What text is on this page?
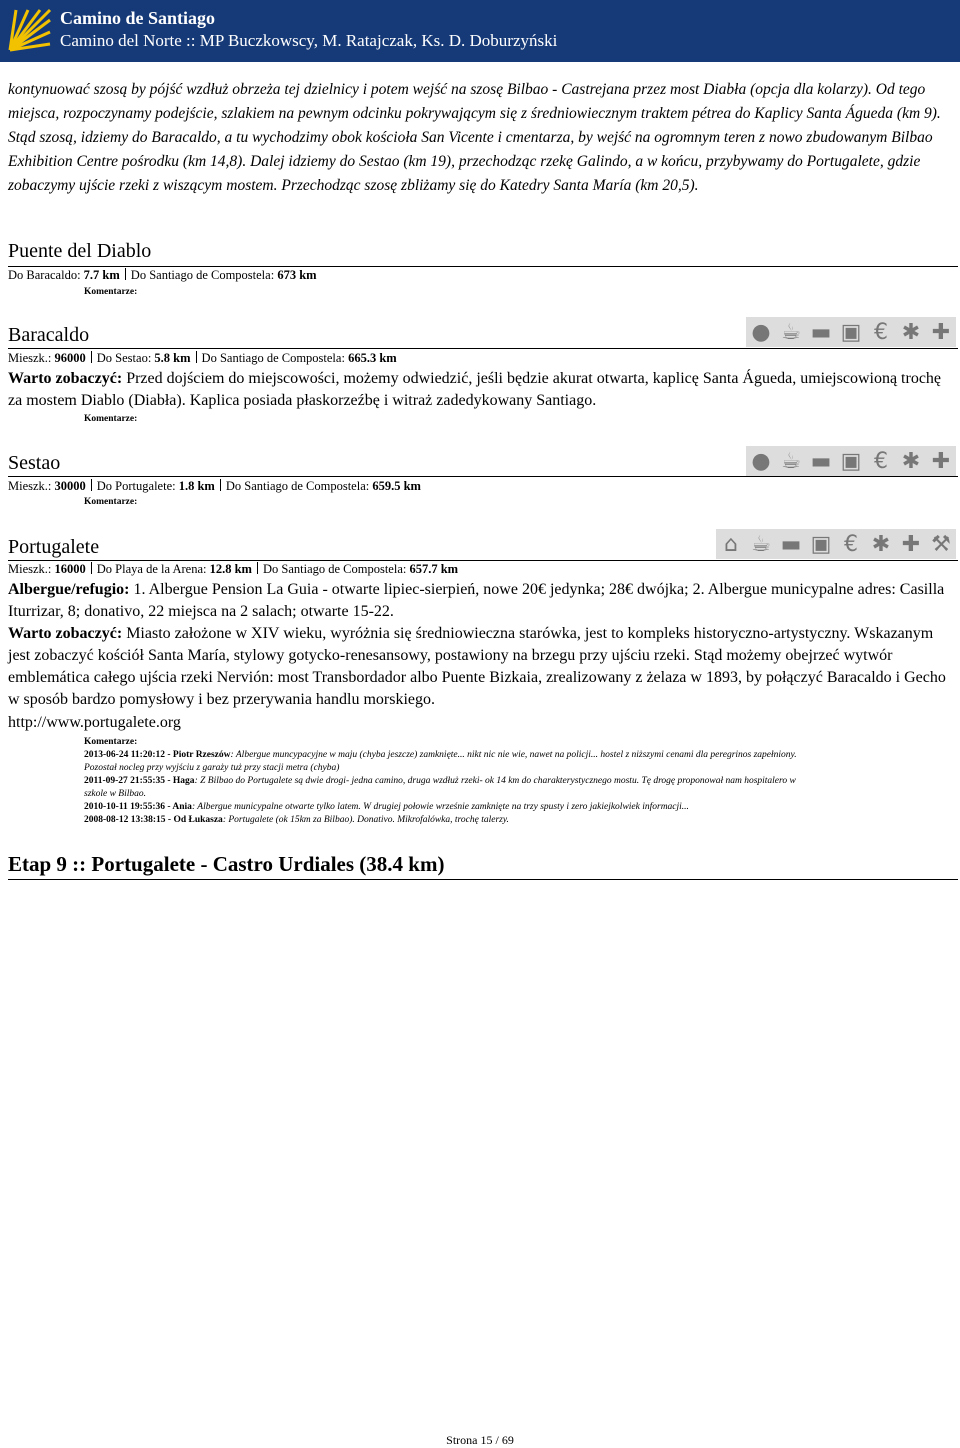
Camino de Santiago
Camino del Norte :: MP Buczkowscy, M. Ratajczak, Ks. D. Doburzyński
kontynuować szosą by pójść wzdłuż obrzeża tej dzielnicy i potem wejść na szosę Bilbao - Castrejana przez most Diabła (opcja dla kolarzy). Od tego miejsca, rozpoczynamy podejście, szlakiem na pewnym odcinku pokrywającym się z średniowiecznym traktem pétrea do Kaplicy Santa Águeda (km 9). Stąd szosą, idziemy do Baracaldo, a tu wychodzimy obok kościoła San Vicente i cmentarza, by wejść na ogromnym teren z nowo zbudowanym Bilbao Exhibition Centre pośrodku (km 14,8). Dalej idziemy do Sestao (km 19), przechodząc rzekę Galindo, a w końcu, przybywamy do Portugalete, gdzie zobaczymy ujście rzeki z wiszącym mostem. Przechodząc szosę zbliżamy się do Katedry Santa María (km 20,5).
Puente del Diablo
Do Baracaldo: 7.7 km Do Santiago de Compostela: 673 km
Komentarze:
Baracaldo	● ☕ ▬ ▣ € ✱ ✚
Mieszk.: 96000 Do Sestao: 5.8 km Do Santiago de Compostela: 665.3 km
Warto zobaczyć: Przed dojściem do miejscowości, możemy odwiedzić, jeśli będzie akurat otwarta, kaplicę Santa Águeda, umiejscowioną trochę za mostem Diablo (Diabła). Kaplica posiada płaskorzeźbę i witraż zadedykowany Santiago.
Komentarze:
Sestao	● ☕ ▬ ▣ € ✱ ✚
Mieszk.: 30000 Do Portugalete: 1.8 km Do Santiago de Compostela: 659.5 km
Komentarze:
Portugalete	⌂ ☕ ▬ ▣ € ✱ ✚ ⚒
Mieszk.: 16000 Do Playa de la Arena: 12.8 km Do Santiago de Compostela: 657.7 km
Albergue/refugio: 1. Albergue Pension La Guia - otwarte lipiec-sierpień, nowe 20€ jedynka; 28€ dwójka; 2. Albergue municypalne adres: Casilla Iturrizar, 8; donativo, 22 miejsca na 2 salach; otwarte 15-22.
Warto zobaczyć: Miasto założone w XIV wieku, wyróżnia się średniowieczna starówka, jest to kompleks historyczno-artystyczny. Wskazanym jest zobaczyć kościół Santa María, stylowy gotycko-renesansowy, postawiony na brzegu przy ujściu rzeki. Stąd możemy obejrzeć wytwór emblemática całego ujścia rzeki Nervión: most Transbordador albo Puente Bizkaia, zrealizowany z żelaza w 1893, by połączyć Baracaldo i Gecho w sposób bardzo pomysłowy i bez przerywania handlu morskiego.
http://www.portugalete.org
Komentarze:
2013-06-24 11:20:12 - Piotr Rzeszów: Albergue muncypacyjne w maju (chyba jeszcze) zamknięte... nikt nic nie wie, nawet na policji... hostel z niższymi cenami dla peregrinos zapełniony. Pozostał nocleg przy wyjściu z garaży tuż przy stacji metra (chyba)
2011-09-27 21:55:35 - Haga: Z Bilbao do Portugalete są dwie drogi- jedna camino, druga wzdłuż rzeki- ok 14 km do charakterystycznego mostu. Tę drogę proponował nam hospitalero w szkole w Bilbao.
2010-10-11 19:55:36 - Ania: Albergue municypalne otwarte tylko latem. W drugiej połowie wrześnie zamknięte na trzy spusty i zero jakiejkolwiek informacji...
2008-08-12 13:38:15 - Od Łukasza: Portugalete (ok 15km za Bilbao). Donativo. Mikrofalówka, trochę talerzy.
Etap 9 :: Portugalete - Castro Urdiales (38.4 km)
Strona 15 / 69
